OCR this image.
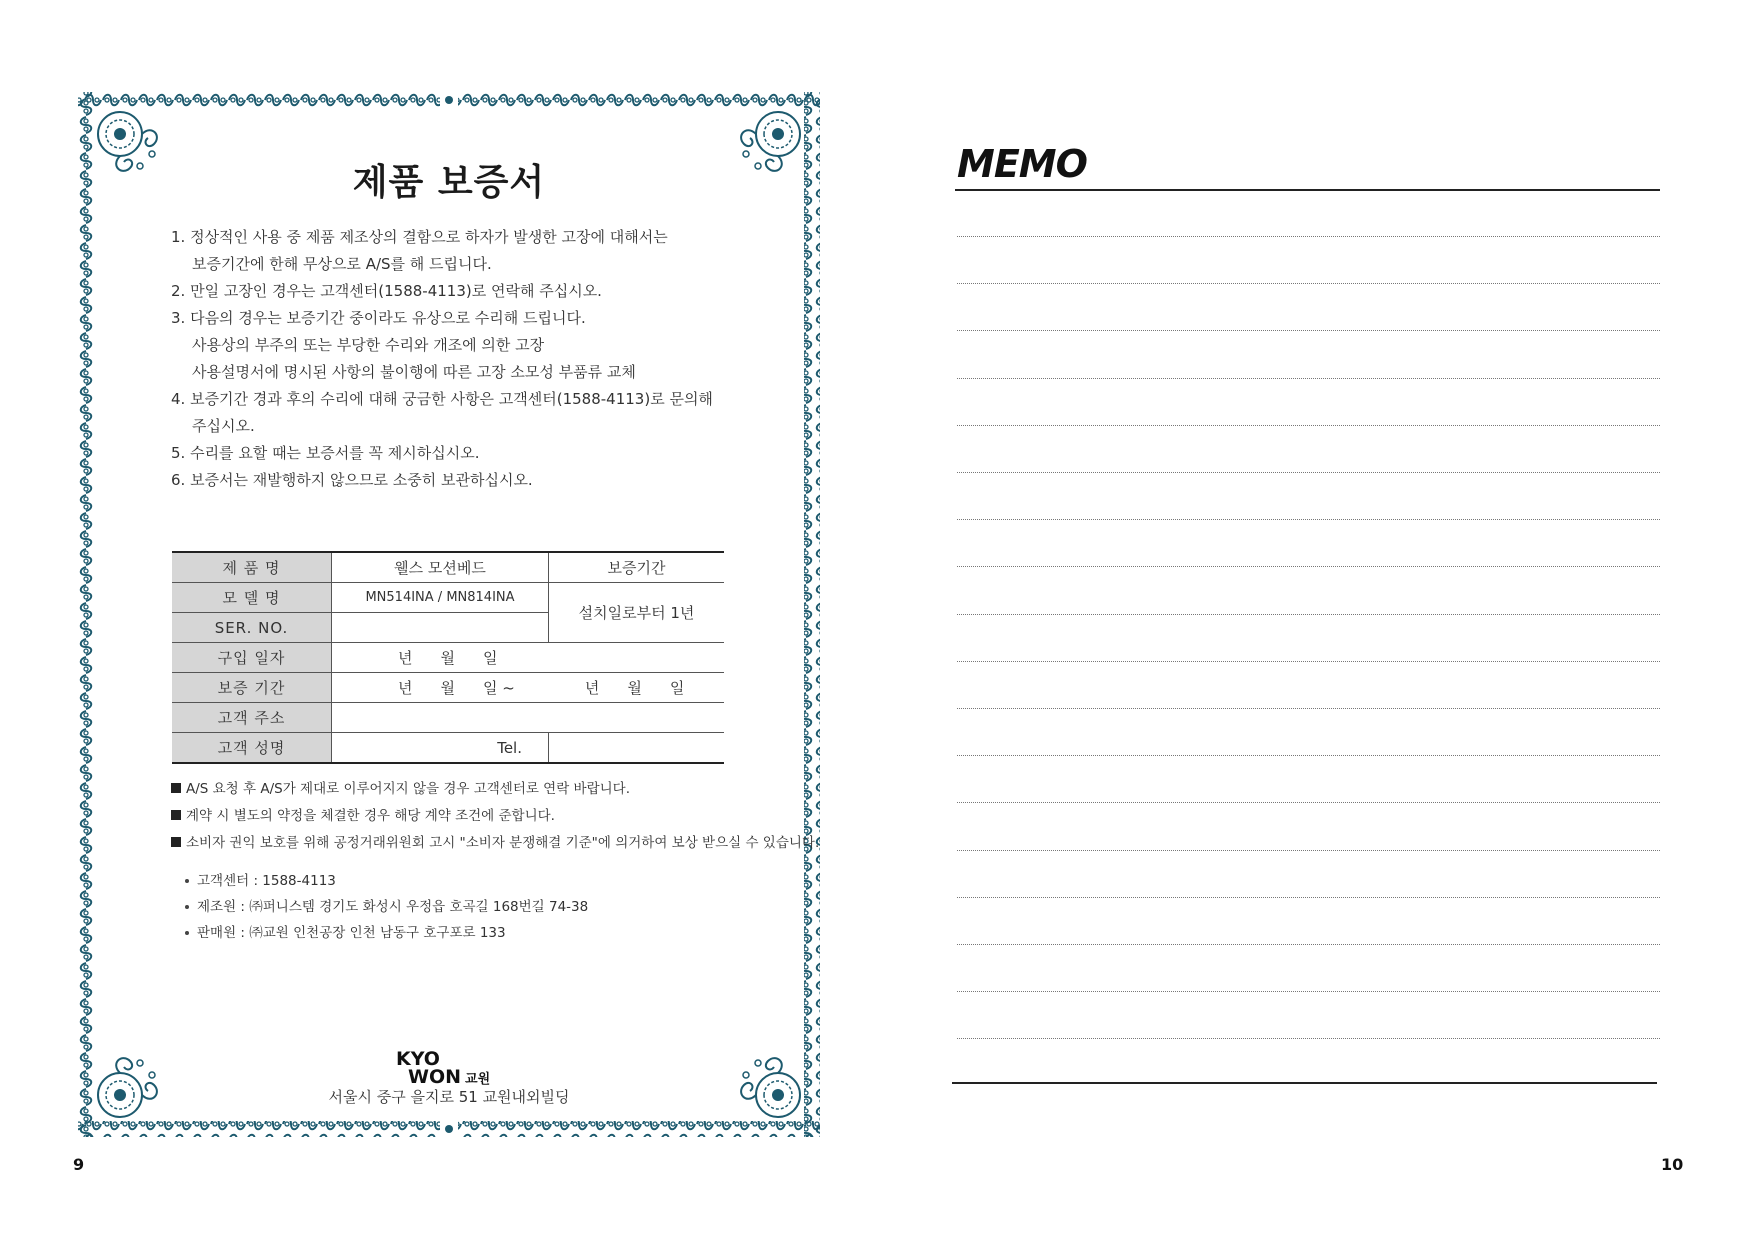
제품 보증서
1. 정상적인 사용 중 제품 제조상의 결함으로 하자가 발생한 고장에 대해서는
보증기간에 한해 무상으로 A/S를 해 드립니다.
2. 만일 고장인 경우는 고객센터(1588-4113)로 연락해 주십시오.
3. 다음의 경우는 보증기간 중이라도 유상으로 수리해 드립니다.
사용상의 부주의 또는 부당한 수리와 개조에 의한 고장
사용설명서에 명시된 사항의 불이행에 따른 고장 소모성 부품류 교체
4. 보증기간 경과 후의 수리에 대해 궁금한 사항은 고객센터(1588-4113)로 문의해
주십시오.
5. 수리를 요할 때는 보증서를 꼭 제시하십시오.
6. 보증서는 재발행하지 않으므로 소중히 보관하십시오.
제 품 명	웰스 모션베드	보증기간
모 델 명	MN514INA / MN814INA	설치일로부터 1년
SER. NO.		
구입 일자	년 월 일	
보증 기간	년 월 일 ~ 년 월 일	
고객 주소		
고객 성명	Tel.	
A/S 요청 후 A/S가 제대로 이루어지지 않을 경우 고객센터로 연락 바랍니다.
계약 시 별도의 약정을 체결한 경우 해당 계약 조건에 준합니다.
소비자 권익 보호를 위해 공정거래위원회 고시 "소비자 분쟁해결 기준"에 의거하여 보상 받으실 수 있습니다.
고객센터 : 1588-4113
제조원 : ㈜퍼니스템 경기도 화성시 우정읍 호곡길 168번길 74-38
판매원 : ㈜교원 인천공장 인천 남동구 호구포로 133
KYO
WON 교원
서울시 중구 을지로 51 교원내외빌딩
9
MEMO
10
